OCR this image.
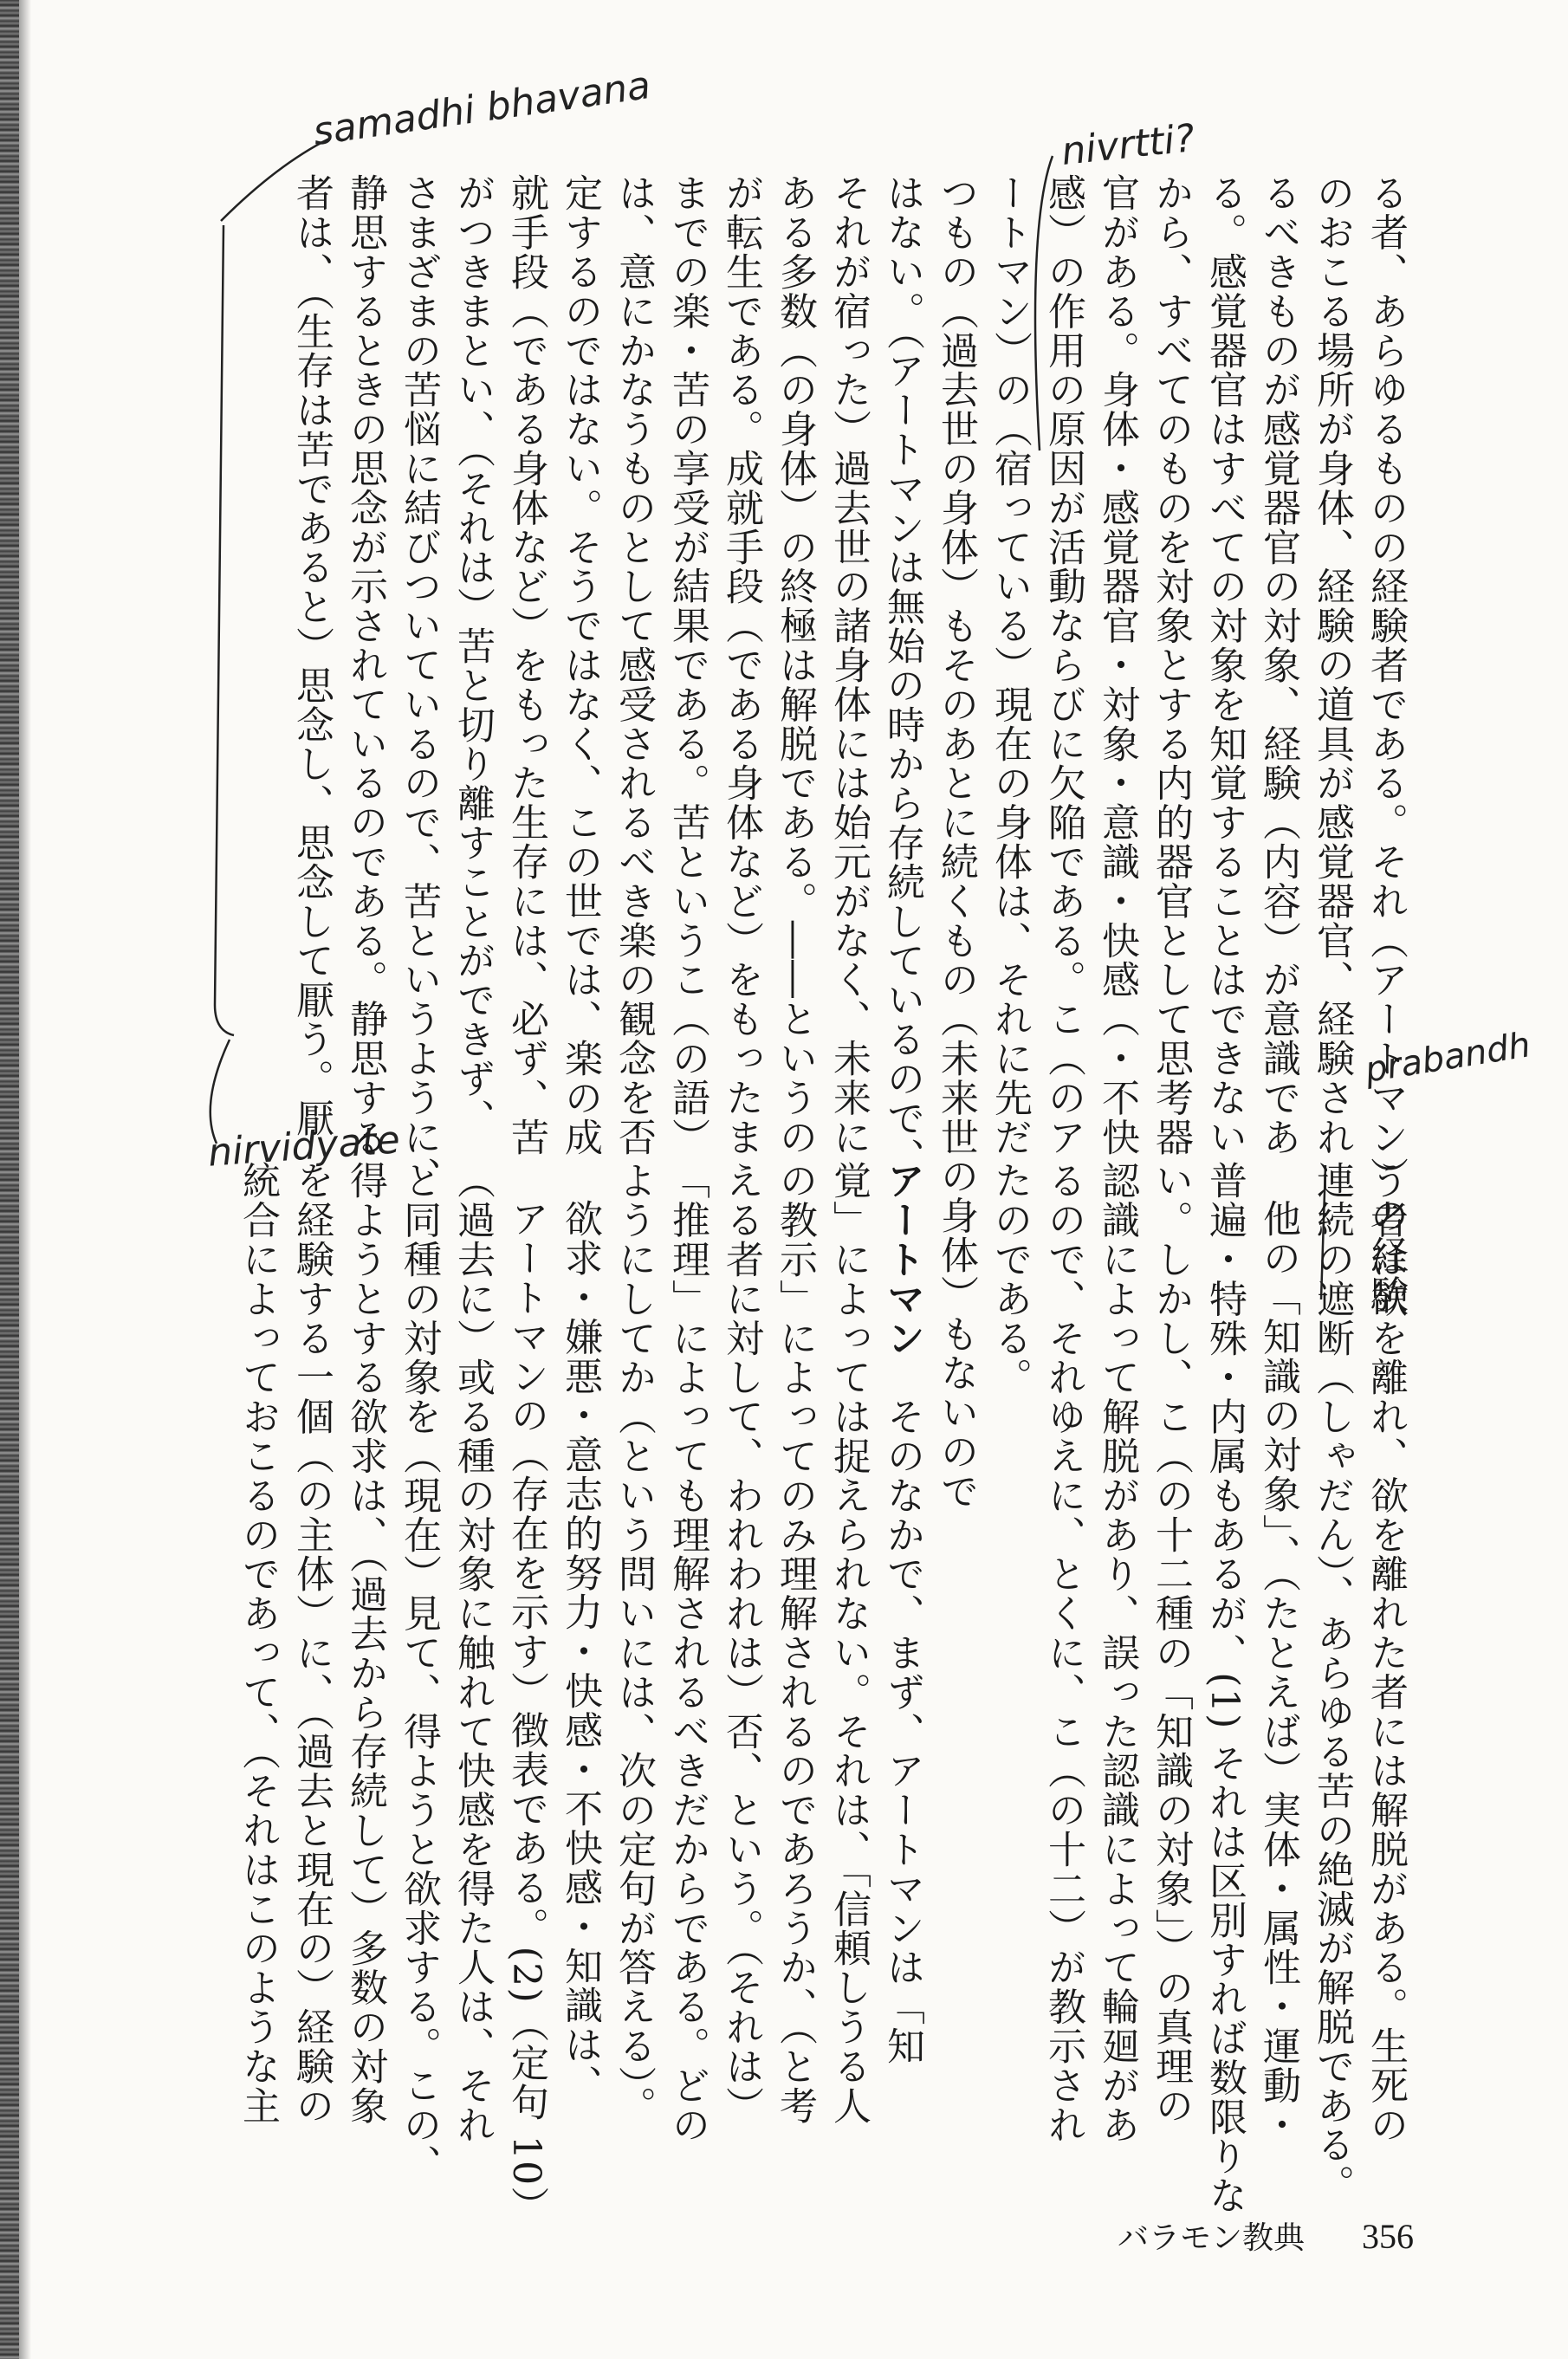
samadhi bhavana	nivrtti?
prabandh
nirvidyate	る者、あらゆるものの経験者である。それ（アートマン）の経験
のおこる場所が身体、経験の道具が感覚器官、経験され
るべきものが感覚器官の対象、経験（内容）が意識であ
る。感覚器官はすべての対象を知覚することはできない
から、すべてのものを対象とする内的器官として思考器
官がある。身体・感覚器官・対象・意識・快感（・不快
感）の作用の原因が活動ならびに欠陥である。こ（のア
ートマン）の（宿っている）現在の身体は、それに先だ
つもの（過去世の身体）もそのあとに続くもの（未来世の身体）もないので
はない。（アートマンは無始の時から存続しているので、
それが宿った）過去世の諸身体には始元がなく、未来に
ある多数（の身体）の終極は解脱である。――というの
が転生である。成就手段（である身体など）をもったま
までの楽・苦の享受が結果である。苦というこ（の語）
は、意にかなうものとして感受されるべき楽の観念を否
定するのではない。そうではなく、この世では、楽の成
就手段（である身体など）をもった生存には、必ず、苦
がつきまとい、（それは）苦と切り離すことができず、
さまざまの苦悩に結びついているので、苦というように、
静思するときの思念が示されているのである。静思する
者は、（生存は苦であると）思念し、思念して厭う。厭
う者は欲を離れ、欲を離れた者には解脱がある。生死の
連続の遮断（しゃだん）、あらゆる苦の絶滅が解脱である。
他の「知識の対象」、（たとえば）実体・属性・運動・
普遍・特殊・内属もあるが、(1) それは区別すれば数限りな
い。しかし、こ（の十二種の「知識の対象」）の真理の
認識によって解脱があり、誤った認識によって輪廻があ
るので、それゆえに、とくに、こ（の十二）が教示され
たのである。
アートマン　そのなかで、まず、アートマンは「知
覚」によっては捉えられない。それは、「信頼しうる人
の教示」によってのみ理解されるのであろうか、（と考
える者に対して、われわれは）否、という。（それは）
「推理」によっても理解されるべきだからである。どの
ようにしてか（という問いには、次の定句が答える）。
欲求・嫌悪・意志的努力・快感・不快感・知識は、
アートマンの（存在を示す）徴表である。(2)（定句 10）
（過去に）或る種の対象に触れて快感を得た人は、それ
と同種の対象を（現在）見て、得ようと欲求する。この、
得ようとする欲求は、（過去から存続して）多数の対象
を経験する一個（の主体）に、（過去と現在の）経験の
統合によっておこるのであって、（それはこのような主
バラモン教典 356
